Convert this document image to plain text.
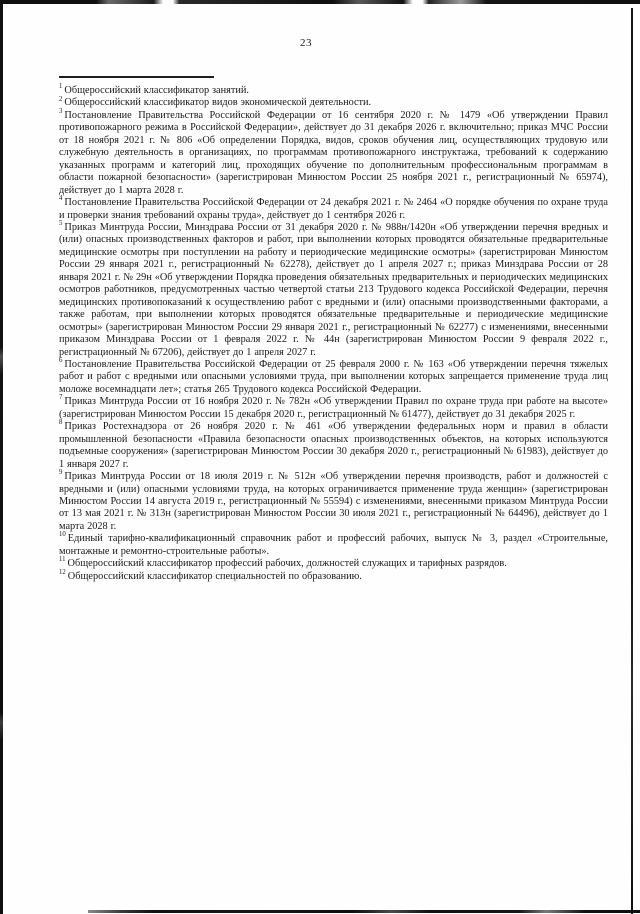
23

$^1$ Общероссийский классификатор занятий.

$^2$ Общероссийский классификатор видов экономической деятельности.

$^3$ Постановление Правительства Российской Федерации от 16 сентября 2020 г. № 1479 «Об утверждении Правил противопожарного режима в Российской Федерации», действует до 31 декабря 2026 г. включительно; приказ МЧС России от 18 ноября 2021 г. № 806 «Об определении Порядка, видов, сроков обучения лиц, осуществляющих трудовую или служебную деятельность в организациях, по программам противопожарного инструктажа, требований к содержанию указанных программ и категорий лиц, проходящих обучение по дополнительным профессиональным программам в области пожарной безопасности» (зарегистрирован Минюстом России 25 ноября 2021 г., регистрационный № 65974), действует до 1 марта 2028 г.

$^4$ Постановление Правительства Российской Федерации от 24 декабря 2021 г. № 2464 «О порядке обучения по охране труда и проверки знания требований охраны труда», действует до 1 сентября 2026 г.

$^5$ Приказ Минтруда России, Минздрава России от 31 декабря 2020 г. № 988н/1420н «Об утверждении перечня вредных и (или) опасных производственных факторов и работ, при выполнении которых проводятся обязательные предварительные медицинские осмотры при поступлении на работу и периодические медицинские осмотры» (зарегистрирован Минюстом России 29 января 2021 г., регистрационный № 62278), действует до 1 апреля 2027 г.; приказ Минздрава России от 28 января 2021 г. № 29н «Об утверждении Порядка проведения обязательных предварительных и периодических медицинских осмотров работников, предусмотренных частью четвертой статьи 213 Трудового кодекса Российской Федерации, перечня медицинских противопоказаний к осуществлению работ с вредными и (или) опасными производственными факторами, а также работам, при выполнении которых проводятся обязательные предварительные и периодические медицинские осмотры» (зарегистрирован Минюстом России 29 января 2021 г., регистрационный № 62277) с изменениями, внесенными приказом Минздрава России от 1 февраля 2022 г. № 44н (зарегистрирован Минюстом России 9 февраля 2022 г., регистрационный № 67206), действует до 1 апреля 2027 г.

$^6$ Постановление Правительства Российской Федерации от 25 февраля 2000 г. № 163 «Об утверждении перечня тяжелых работ и работ с вредными или опасными условиями труда, при выполнении которых запрещается применение труда лиц моложе восемнадцати лет»; статья 265 Трудового кодекса Российской Федерации.

$^7$ Приказ Минтруда России от 16 ноября 2020 г. № 782н «Об утверждении Правил по охране труда при работе на высоте» (зарегистрирован Минюстом России 15 декабря 2020 г., регистрационный № 61477), действует до 31 декабря 2025 г.

$^8$ Приказ Ростехнадзора от 26 ноября 2020 г. № 461 «Об утверждении федеральных норм и правил в области промышленной безопасности «Правила безопасности опасных производственных объектов, на которых используются подъемные сооружения» (зарегистрирован Минюстом России 30 декабря 2020 г., регистрационный № 61983), действует до 1 января 2027 г.

$^9$ Приказ Минтруда России от 18 июля 2019 г. № 512н «Об утверждении перечня производств, работ и должностей с вредными и (или) опасными условиями труда, на которых ограничивается применение труда женщин» (зарегистрирован Минюстом России 14 августа 2019 г., регистрационный № 55594) с изменениями, внесенными приказом Минтруда России от 13 мая 2021 г. № 313н (зарегистрирован Минюстом России 30 июля 2021 г., регистрационный № 64496), действует до 1 марта 2028 г.

$^{10}$ Единый тарифно-квалификационный справочник работ и профессий рабочих, выпуск № 3, раздел «Строительные, монтажные и ремонтно-строительные работы».

$^{11}$ Общероссийский классификатор профессий рабочих, должностей служащих и тарифных разрядов.

$^{12}$ Общероссийский классификатор специальностей по образованию.
